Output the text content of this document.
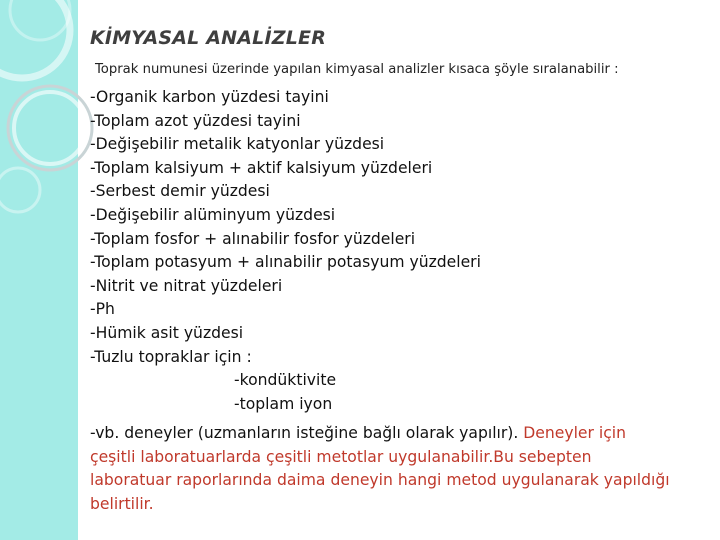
KİMYASAL ANALİZLER

Toprak numunesi üzerinde yapılan kimyasal analizler kısaca şöyle sıralanabilir :

-Organik karbon yüzdesi tayini
-Toplam azot yüzdesi tayini
-Değişebilir metalik katyonlar yüzdesi
-Toplam kalsiyum + aktif kalsiyum yüzdeleri
-Serbest demir yüzdesi
-Değişebilir alüminyum yüzdesi
-Toplam fosfor + alınabilir fosfor yüzdeleri
-Toplam potasyum + alınabilir potasyum yüzdeleri
-Nitrit ve nitrat yüzdeleri
-Ph
-Hümik asit yüzdesi
-Tuzlu topraklar için :
-kondüktivite
-toplam iyon

-vb. deneyler (uzmanların isteğine bağlı olarak yapılır). Deneyler için çeşitli laboratuarlarda çeşitli metotlar uygulanabilir.Bu sebepten laboratuar raporlarında daima deneyin hangi metod uygulanarak yapıldığı belirtilir.
